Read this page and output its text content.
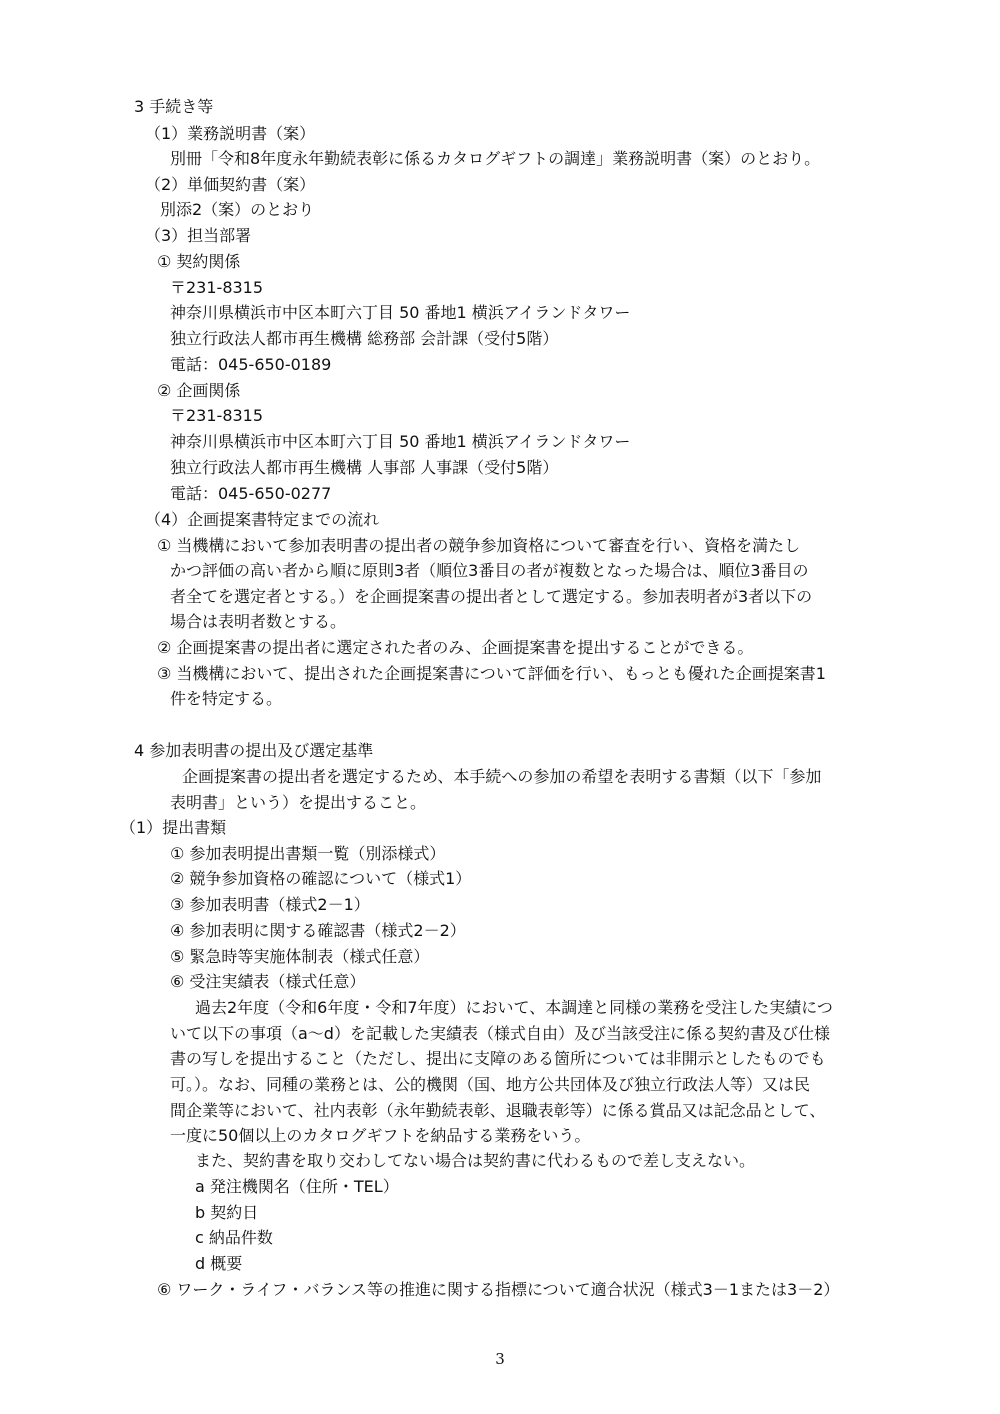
3 手続き等
（1）業務説明書（案）
別冊「令和8年度永年勤続表彰に係るカタログギフトの調達」業務説明書（案）のとおり。
（2）単価契約書（案）
別添2（案）のとおり
（3）担当部署
① 契約関係
〒231-8315
神奈川県横浜市中区本町六丁目 50 番地1 横浜アイランドタワー
独立行政法人都市再生機構 総務部 会計課（受付5階）
電話：045-650-0189
② 企画関係
〒231-8315
神奈川県横浜市中区本町六丁目 50 番地1 横浜アイランドタワー
独立行政法人都市再生機構 人事部 人事課（受付5階）
電話：045-650-0277
（4）企画提案書特定までの流れ
① 当機構において参加表明書の提出者の競争参加資格について審査を行い、資格を満たし
かつ評価の高い者から順に原則3者（順位3番目の者が複数となった場合は、順位3番目の
者全てを選定者とする。）を企画提案書の提出者として選定する。参加表明者が3者以下の
場合は表明者数とする。
② 企画提案書の提出者に選定された者のみ、企画提案書を提出することができる。
③ 当機構において、提出された企画提案書について評価を行い、もっとも優れた企画提案書1
件を特定する。
4 参加表明書の提出及び選定基準
企画提案書の提出者を選定するため、本手続への参加の希望を表明する書類（以下「参加
表明書」という）を提出すること。
（1）提出書類
① 参加表明提出書類一覧（別添様式）
② 競争参加資格の確認について（様式1）
③ 参加表明書（様式2－1）
④ 参加表明に関する確認書（様式2－2）
⑤ 緊急時等実施体制表（様式任意）
⑥ 受注実績表（様式任意）
過去2年度（令和6年度・令和7年度）において、本調達と同様の業務を受注した実績につ
いて以下の事項（a～d）を記載した実績表（様式自由）及び当該受注に係る契約書及び仕様
書の写しを提出すること（ただし、提出に支障のある箇所については非開示としたものでも
可。）。なお、同種の業務とは、公的機関（国、地方公共団体及び独立行政法人等）又は民
間企業等において、社内表彰（永年勤続表彰、退職表彰等）に係る賞品又は記念品として、
一度に50個以上のカタログギフトを納品する業務をいう。
また、契約書を取り交わしてない場合は契約書に代わるもので差し支えない。
a 発注機関名（住所・TEL）
b 契約日
c 納品件数
d 概要
⑥ ワーク・ライフ・バランス等の推進に関する指標について適合状況（様式3－1または3－2）
3
